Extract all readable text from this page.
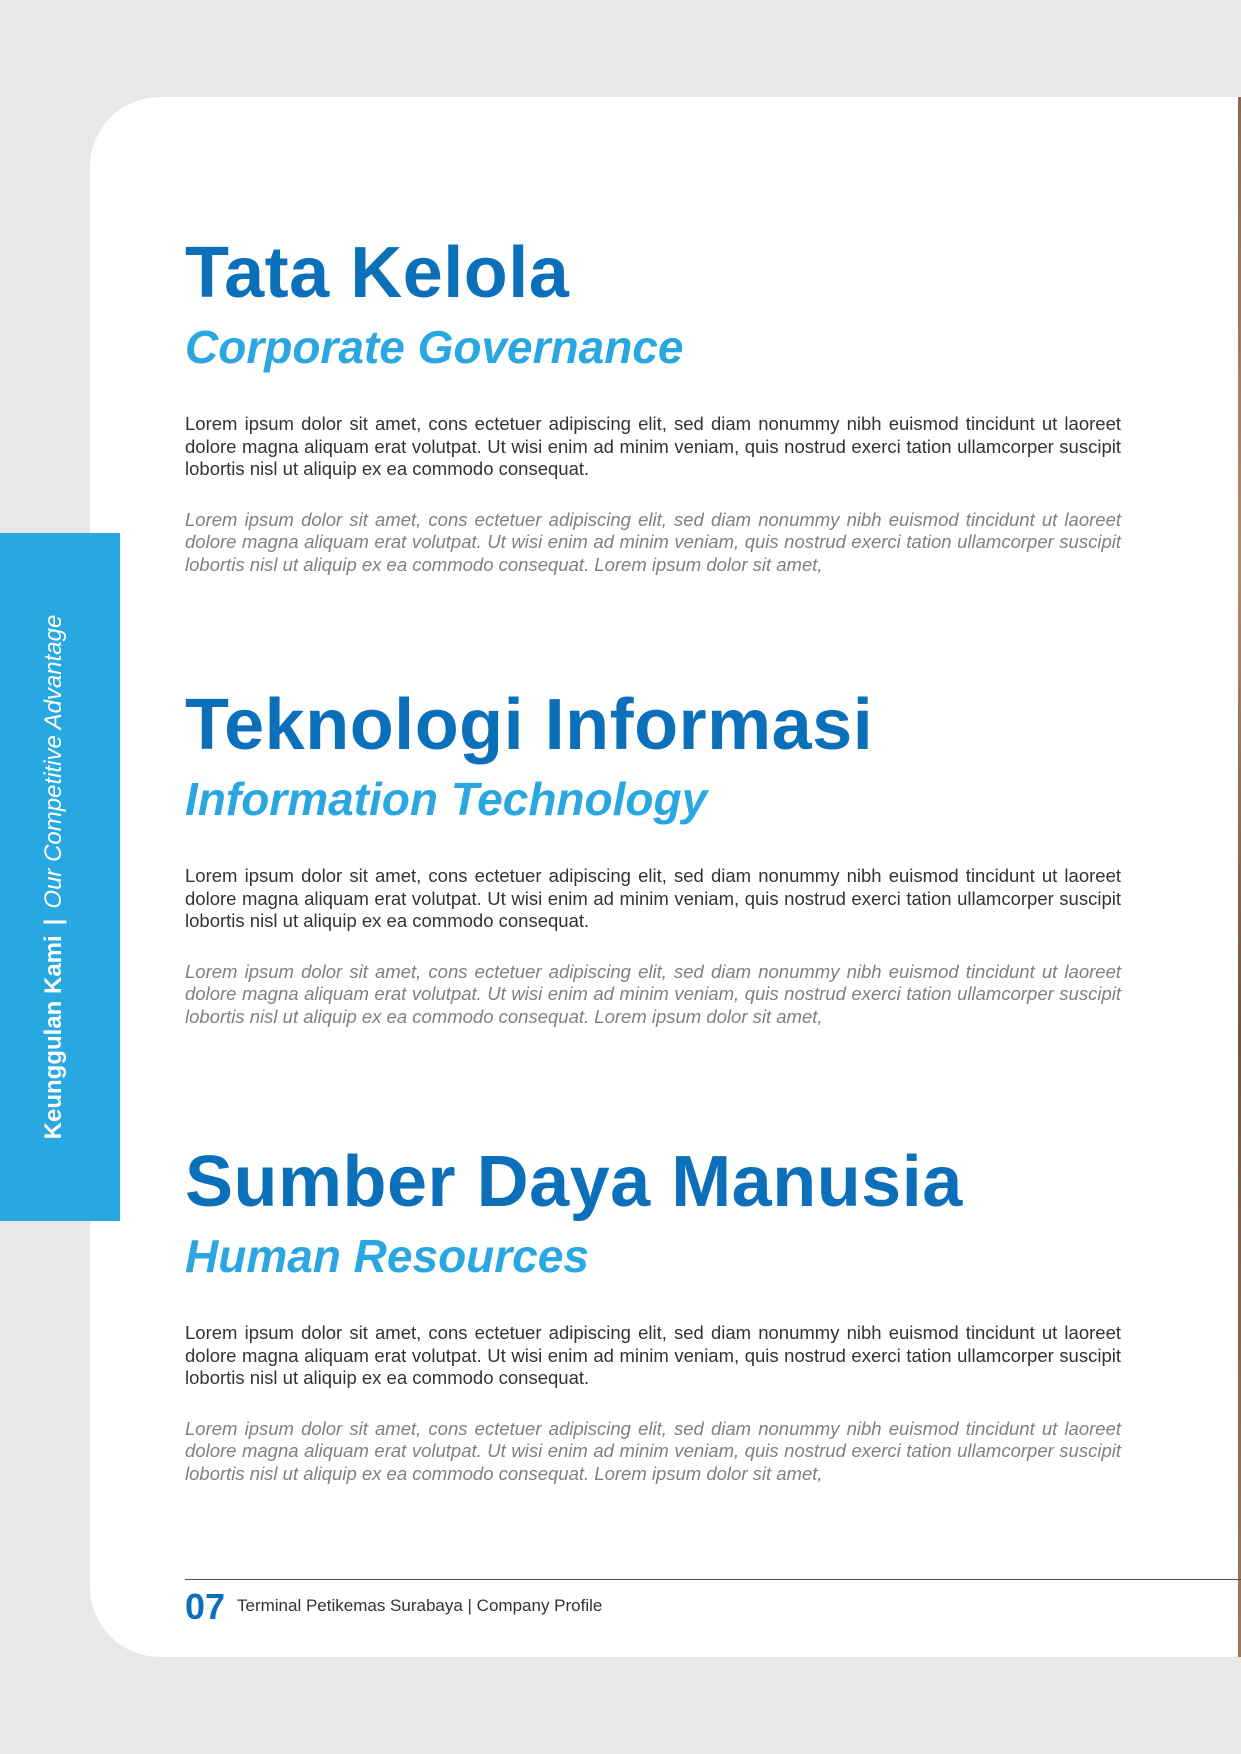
Keunggulan Kami|Our Competitive Advantage
Tata Kelola
Corporate Governance

Lorem ipsum dolor sit amet, cons ectetuer adipiscing elit, sed diam nonummy nibh euismod tincidunt ut laoreet dolore magna aliquam erat volutpat. Ut wisi enim ad minim veniam, quis nostrud exerci tation ullamcorper suscipit lobortis nisl ut aliquip ex ea commodo consequat.

Lorem ipsum dolor sit amet, cons ectetuer adipiscing elit, sed diam nonummy nibh euismod tincidunt ut laoreet dolore magna aliquam erat volutpat. Ut wisi enim ad minim veniam, quis nostrud exerci tation ullamcorper suscipit lobortis nisl ut aliquip ex ea commodo consequat. Lorem ipsum dolor sit amet,

Teknologi Informasi
Information Technology

Lorem ipsum dolor sit amet, cons ectetuer adipiscing elit, sed diam nonummy nibh euismod tincidunt ut laoreet dolore magna aliquam erat volutpat. Ut wisi enim ad minim veniam, quis nostrud exerci tation ullamcorper suscipit lobortis nisl ut aliquip ex ea commodo consequat.

Lorem ipsum dolor sit amet, cons ectetuer adipiscing elit, sed diam nonummy nibh euismod tincidunt ut laoreet dolore magna aliquam erat volutpat. Ut wisi enim ad minim veniam, quis nostrud exerci tation ullamcorper suscipit lobortis nisl ut aliquip ex ea commodo consequat. Lorem ipsum dolor sit amet,

Sumber Daya Manusia
Human Resources

Lorem ipsum dolor sit amet, cons ectetuer adipiscing elit, sed diam nonummy nibh euismod tincidunt ut laoreet dolore magna aliquam erat volutpat. Ut wisi enim ad minim veniam, quis nostrud exerci tation ullamcorper suscipit lobortis nisl ut aliquip ex ea commodo consequat.

Lorem ipsum dolor sit amet, cons ectetuer adipiscing elit, sed diam nonummy nibh euismod tincidunt ut laoreet dolore magna aliquam erat volutpat. Ut wisi enim ad minim veniam, quis nostrud exerci tation ullamcorper suscipit lobortis nisl ut aliquip ex ea commodo consequat. Lorem ipsum dolor sit amet,

07 Terminal Petikemas Surabaya | Company Profile
